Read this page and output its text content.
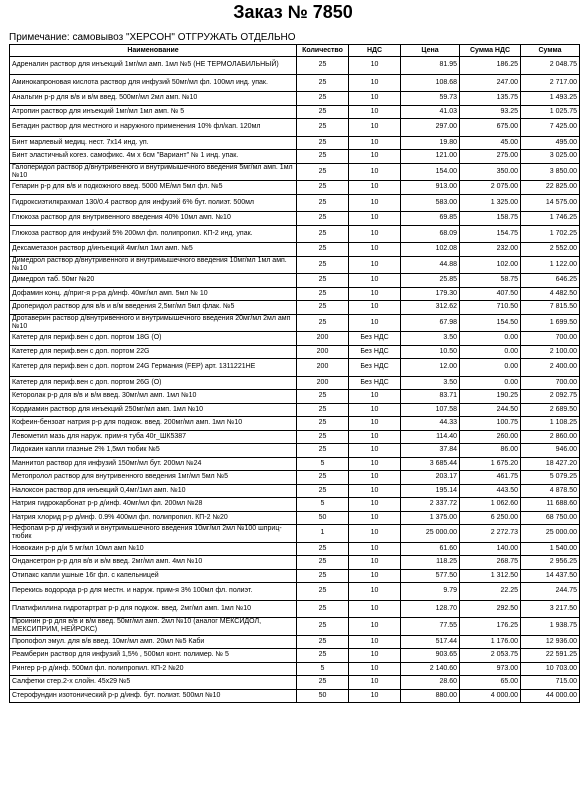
Заказ № 7850
Примечание: самовывоз "ХЕРСОН" ОТГРУЖАТЬ ОТДЕЛЬНО
Наименование	Количество	НДС	Цена	Сумма НДС	Сумма
Адреналин раствор для инъекций 1мг/мл амп. 1мл №5 (НЕ ТЕРМОЛАБИЛЬНЫЙ)	25	10	81.95	186.25	2 048.75
Аминокапроновая кислота раствор для инфузий 50мг/мл фл. 100мл инд. упак.	25	10	108.68	247.00	2 717.00
Анальгин р-р для в/в и в/м введ. 500мг/мл 2мл амп. №10	25	10	59.73	135.75	1 493.25
Атропин раствор для инъекций 1мг/мл 1мл амп. № 5	25	10	41.03	93.25	1 025.75
Бетадин раствор для местного и наружного применения 10% фл/кап. 120мл	25	10	297.00	675.00	7 425.00
Бинт марлевый медиц. нест. 7х14 инд. уп.	25	10	19.80	45.00	495.00
Бинт эластичный когез. самофикс. 4м х 6см "Вариант" № 1 инд. упак.	25	10	121.00	275.00	3 025.00
Галоперидол раствор д/внутривенного и внутримышечного введения 5мг/мл амп. 1мл №10	25	10	154.00	350.00	3 850.00
Гепарин р-р для в/в и подкожного введ. 5000 МЕ/мл 5мл фл. №5	25	10	913.00	2 075.00	22 825.00
Гидроксиэтилкрахмал 130/0.4 раствор для инфузий 6% бут. полиэт. 500мл	25	10	583.00	1 325.00	14 575.00
Глюкоза раствор для внутривенного введения 40% 10мл амп. №10	25	10	69.85	158.75	1 746.25
Глюкоза раствор для инфузий 5% 200мл фл. полипропил. КП-2 инд. упак.	25	10	68.09	154.75	1 702.25
Дексаметазон раствор д/инъекций 4мг/мл 1мл амп. №5	25	10	102.08	232.00	2 552.00
Димедрол раствор д/внутривенного и внутримышечного введения 10мг/мл 1мл амп. №10	25	10	44.88	102.00	1 122.00
Димедрол таб. 50мг №20	25	10	25.85	58.75	646.25
Дофамин конц. д/приг-я р-ра д/инф. 40мг/мл амп. 5мл № 10	25	10	179.30	407.50	4 482.50
Дроперидол раствор для в/в и в/м введения 2,5мг/мл 5мл флак. №5	25	10	312.62	710.50	7 815.50
Дротаверин раствор д/внутривенного и внутримышечного введения 20мг/мл 2мл амп №10	25	10	67.98	154.50	1 699.50
Катетер для периф.вен с доп. портом 18G (O)	200	Без НДС	3.50	0.00	700.00
Катетер для периф.вен с доп. портом 22G	200	Без НДС	10.50	0.00	2 100.00
Катетер для периф.вен с доп. портом 24G Германия (FEP) арт. 1311221HE	200	Без НДС	12.00	0.00	2 400.00
Катетер для периф.вен с доп. портом 26G (O)	200	Без НДС	3.50	0.00	700.00
Кеторолак р-р для в/в и в/м введ. 30мг/мл амп. 1мл №10	25	10	83.71	190.25	2 092.75
Кордиамин раствор для инъекций 250мг/мл амп. 1мл №10	25	10	107.58	244.50	2 689.50
Кофеин-бензоат натрия р-р для подкож. введ. 200мг/мл амп. 1мл №10	25	10	44.33	100.75	1 108.25
Левометил мазь для наруж. прим-я туба 40г_ШК5387	25	10	114.40	260.00	2 860.00
Лидокаин капли глазные 2% 1,5мл тюбик №5	25	10	37.84	86.00	946.00
Маннитол раствор для инфузий 150мг/мл бут. 200мл №24	5	10	3 685.44	1 675.20	18 427.20
Метопролол раствор для внутривенного введения 1мг/мл 5мл №5	25	10	203.17	461.75	5 079.25
Налоксон раствор для инъекций 0,4мг/1мл амп. №10	25	10	195.14	443.50	4 878.50
Натрия гидрокарбонат р-р д/инф. 40мг/мл фл. 200мл №28	5	10	2 337.72	1 062.60	11 688.60
Натрия хлорид р-р д/инф. 0.9% 400мл фл. полипропил. КП-2 №20	50	10	1 375.00	6 250.00	68 750.00
Нефопам р-р д/ инфузий и внутримышечного введения 10мг/мл 2мл №100 шприц-тюбик	1	10	25 000.00	2 272.73	25 000.00
Новокаин р-р д/и 5 мг/мл 10мл амп №10	25	10	61.60	140.00	1 540.00
Ондансетрон р-р для в/в и в/м введ. 2мг/мл амп. 4мл №10	25	10	118.25	268.75	2 956.25
Отипакс капли ушные 16г фл. с капельницей	25	10	577.50	1 312.50	14 437.50
Перекись водорода р-р для местн. и наруж. прим-я 3% 100мл фл. полиэт.	25	10	9.79	22.25	244.75
Платифиллина гидротартрат р-р для подкож. введ. 2мг/мл амп. 1мл №10	25	10	128.70	292.50	3 217.50
Проинин р-р для в/в и в/м введ. 50мг/мл амп. 2мл №10 (аналог МЕКСИДОЛ, МЕКСИПРИМ, НЕЙРОКС)	25	10	77.55	176.25	1 938.75
Пропофол эмул. для в/в введ. 10мг/мл амп. 20мл №5 Каби	25	10	517.44	1 176.00	12 936.00
Реамберин раствор для инфузий 1,5% , 500мл конт. полимер. № 5	25	10	903.65	2 053.75	22 591.25
Рингер р-р д/инф. 500мл фл. полипропил. КП-2 №20	5	10	2 140.60	973.00	10 703.00
Салфетки стер.2-х слойн. 45х29 №5	25	10	28.60	65.00	715.00
Стерофундин изотонический р-р д/инф. бут. полиэт. 500мл №10	50	10	880.00	4 000.00	44 000.00
